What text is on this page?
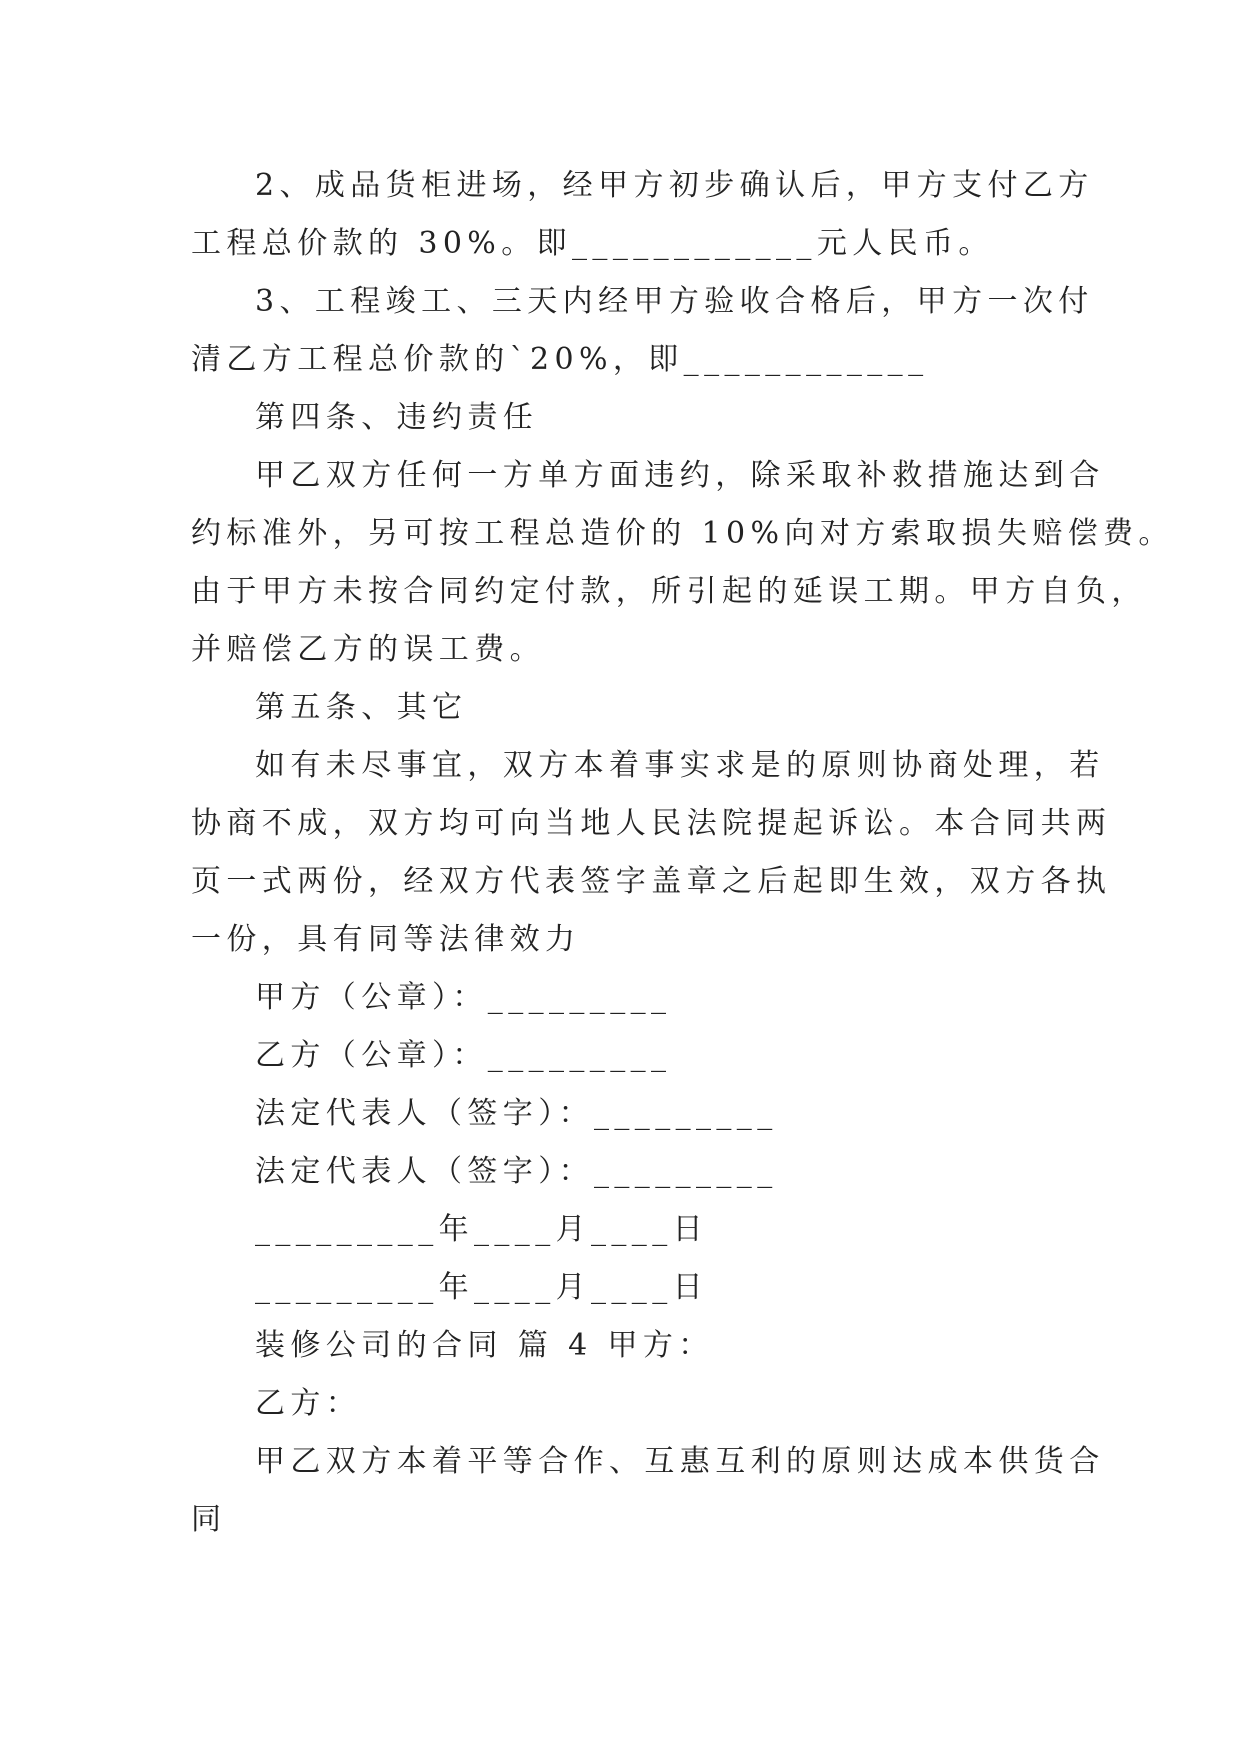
2、成品货柜进场，经甲方初步确认后，甲方支付乙方
工程总价款的 30%。即____________元人民币。
3、工程竣工、三天内经甲方验收合格后，甲方一次付
清乙方工程总价款的`20%，即____________
第四条、违约责任
甲乙双方任何一方单方面违约，除采取补救措施达到合
约标准外，另可按工程总造价的 10%向对方索取损失赔偿费。
由于甲方未按合同约定付款，所引起的延误工期。甲方自负，
并赔偿乙方的误工费。
第五条、其它
如有未尽事宜，双方本着事实求是的原则协商处理，若
协商不成，双方均可向当地人民法院提起诉讼。本合同共两
页一式两份，经双方代表签字盖章之后起即生效，双方各执
一份，具有同等法律效力
甲方（公章）：_________
乙方（公章）：_________
法定代表人（签字）：_________
法定代表人（签字）：_________
_________年____月____日
_________年____月____日
装修公司的合同 篇 4 甲方：
乙方：
甲乙双方本着平等合作、互惠互利的原则达成本供货合
同
